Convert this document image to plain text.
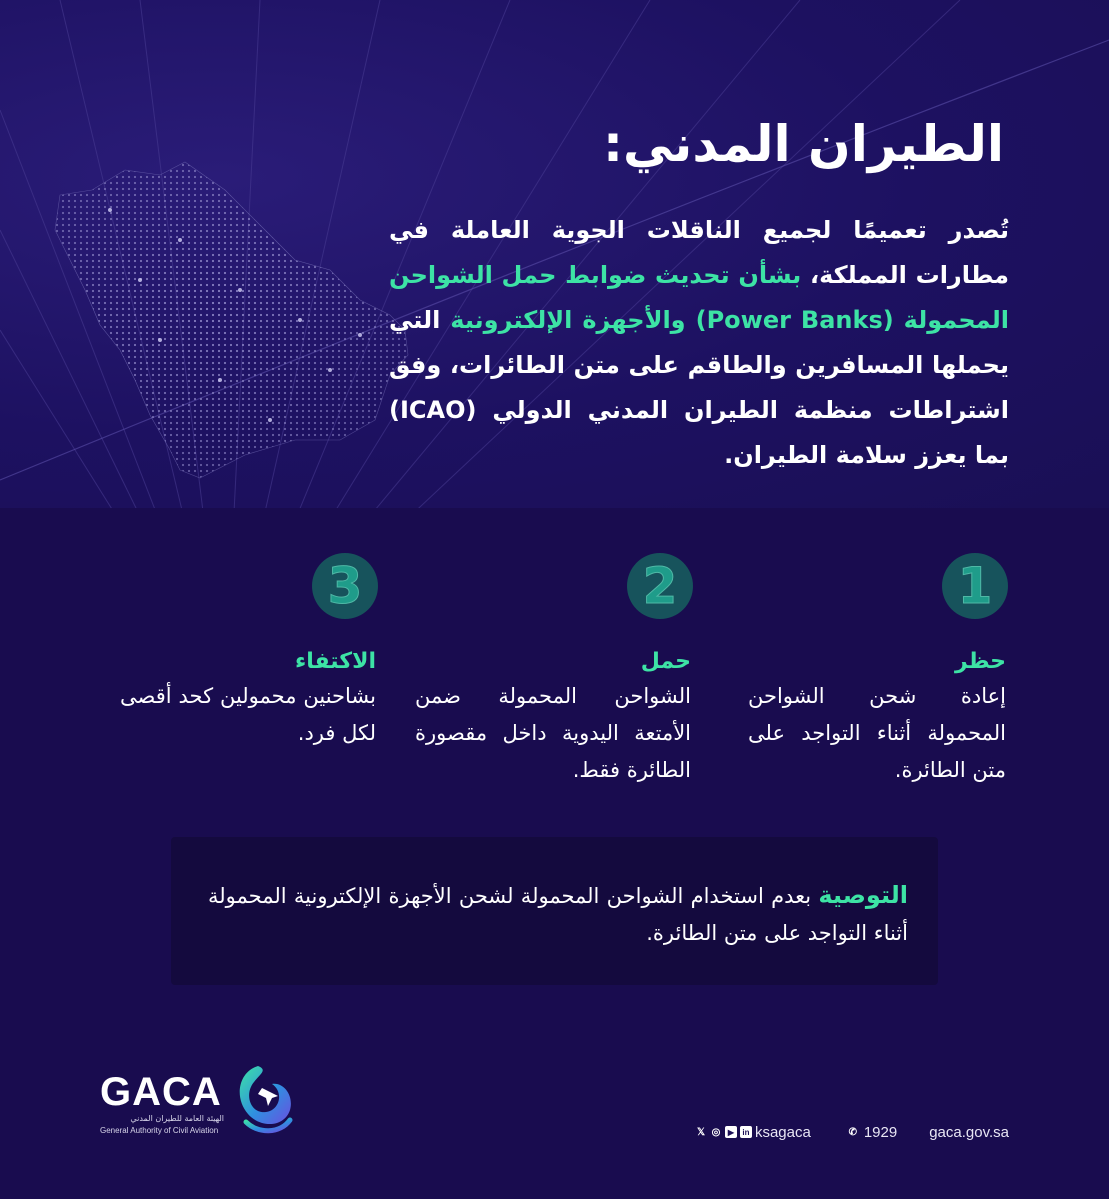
الطيران المدني:

تُصدر تعميمًا لجميع الناقلات الجوية العاملة في مطارات المملكة، بشأن تحديث ضوابط حمل الشواحن المحمولة (Power Banks) والأجهزة الإلكترونية التي يحملها المسافرين والطاقم على متن الطائرات، وفق اشتراطات منظمة الطيران المدني الدولي (ICAO) بما يعزز سلامة الطيران.

1
حظر

إعادة شحن الشواحن المحمولة أثناء التواجد على متن الطائرة.

2
حمل

الشواحن المحمولة ضمن الأمتعة اليدوية داخل مقصورة الطائرة فقط.

3
الاكتفاء

بشاحنين محمولين كحد أقصى لكل فرد.

التوصية بعدم استخدام الشواحن المحمولة لشحن الأجهزة الإلكترونية المحمولة أثناء التواجد على متن الطائرة.

GACA
الهيئة العامة للطيران المدني
General Authority of Civil Aviation	𝕏 ◎ ▶	in ksagaca	✆ 1929 gaca.gov.sa
